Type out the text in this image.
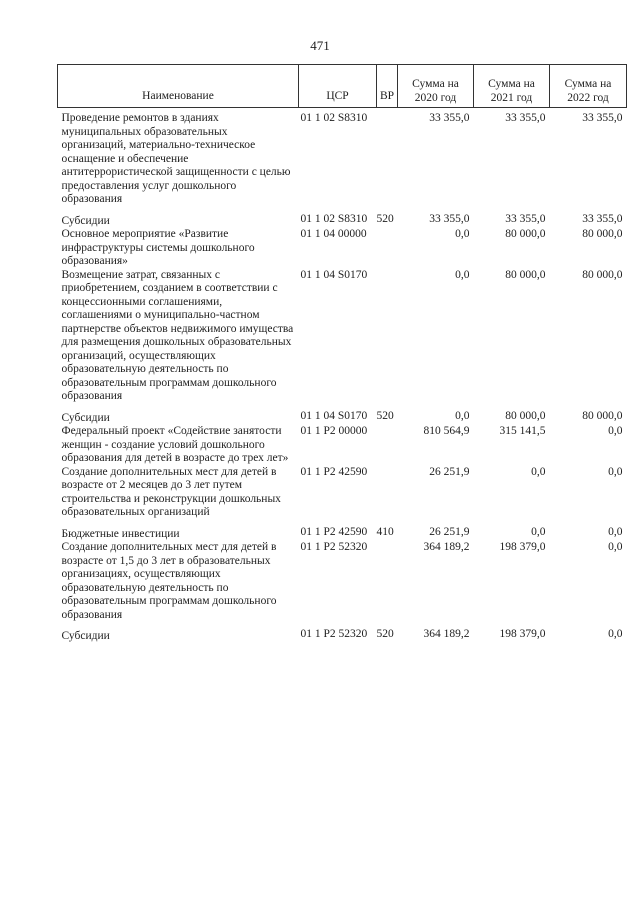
471
Наименование	ЦСР	ВР	Сумма на 2020 год	Сумма на 2021 год	Сумма на 2022 год

Проведение ремонтов в зданиях муниципальных образовательных организаций, материально-техническое оснащение и обеспечение антитеррористической защищенности с целью предоставления услуг дошкольного образования	01 1 02 S8310		33 355,0	33 355,0	33 355,0
Субсидии	01 1 02 S8310	520	33 355,0	33 355,0	33 355,0
Основное мероприятие «Развитие инфраструктуры системы дошкольного образования»	01 1 04 00000		0,0	80 000,0	80 000,0
Возмещение затрат, связанных с приобретением, созданием в соответствии с концессионными соглашениями, соглашениями о муниципально-частном партнерстве объектов недвижимого имущества для размещения дошкольных образовательных организаций, осуществляющих образовательную деятельность по образовательным программам дошкольного образования	01 1 04 S0170		0,0	80 000,0	80 000,0
Субсидии	01 1 04 S0170	520	0,0	80 000,0	80 000,0
Федеральный проект «Содействие занятости женщин - создание условий дошкольного образования для детей в возрасте до трех лет»	01 1 P2 00000		810 564,9	315 141,5	0,0
Создание дополнительных мест для детей в возрасте от 2 месяцев до 3 лет путем строительства и реконструкции дошкольных образовательных организаций	01 1 P2 42590		26 251,9	0,0	0,0
Бюджетные инвестиции	01 1 P2 42590	410	26 251,9	0,0	0,0
Создание дополнительных мест для детей в возрасте от 1,5 до 3 лет в образовательных организациях, осуществляющих образовательную деятельность по образовательным программам дошкольного образования	01 1 P2 52320		364 189,2	198 379,0	0,0
Субсидии	01 1 P2 52320	520	364 189,2	198 379,0	0,0
